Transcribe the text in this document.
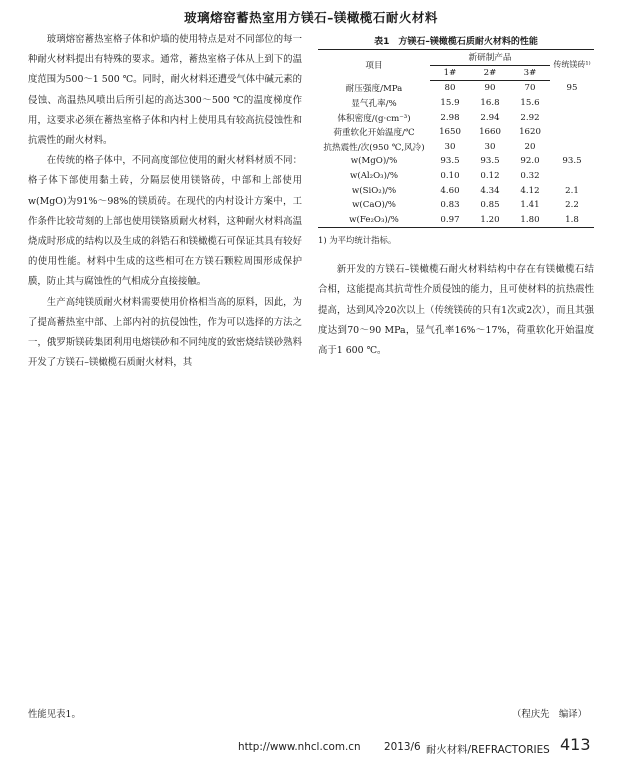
玻璃熔窑蓄热室用方镁石–镁橄榄石耐火材料

玻璃熔窑蓄热室格子体和炉墙的使用特点是对不同部位的每一种耐火材料提出有特殊的要求。通常，蓄热室格子体从上到下的温度范围为500～1 500 ℃。同时，耐火材料还遭受气体中碱元素的侵蚀、高温热风喷出后所引起的高达300～500 ℃的温度梯度作用，这要求必须在蓄热室格子体和内村上使用具有较高抗侵蚀性和抗震性的耐火材料。

在传统的格子体中，不同高度部位使用的耐火材料材质不同：格子体下部使用黏土砖，分隔层使用镁铬砖，中部和上部使用w(MgO)为91%～98%的镁质砖。在现代的内村设计方案中，工作条件比较苛刻的上部也使用镁铬质耐火材料，这种耐火材料高温烧成时形成的结构以及生成的斜锆石和镁橄榄石可保证其具有较好的使用性能。材料中生成的这些相可在方镁石颗粒周围形成保护膜，防止其与腐蚀性的气相成分直接接触。

生产高纯镁质耐火材料需要使用价格相当高的原料，因此，为了提高蓄热室中部、上部内衬的抗侵蚀性，作为可以选择的方法之一，俄罗斯镁砖集团利用电熔镁砂和不同纯度的致密烧结镁砂熟料开发了方镁石–镁橄榄石质耐火材料，其

表1　方镁石–镁橄榄石质耐火材料的性能
项目	新研制产品			传统镁砖¹⁾
	1#	2#	3#	
耐压强度/MPa	80	90	70	95
显气孔率/%	15.9	16.8	15.6	
体积密度/(g·cm⁻³)	2.98	2.94	2.92	
荷重软化开始温度/℃	1650	1660	1620	
抗热震性/次(950 ℃,风冷)	30	30	20	
w(MgO)/%	93.5	93.5	92.0	93.5
w(Al₂O₃)/%	0.10	0.12	0.32	
w(SiO₂)/%	4.60	4.34	4.12	2.1
w(CaO)/%	0.83	0.85	1.41	2.2
w(Fe₂O₃)/%	0.97	1.20	1.80	1.8
1) 为平均统计指标。

新开发的方镁石–镁橄榄石耐火材料结构中存在有镁橄榄石结合相，这能提高其抗苛性介质侵蚀的能力，且可使材料的抗热震性提高，达到风冷20次以上（传统镁砖的只有1次或2次），而且其强度达到70～90 MPa，显气孔率16%～17%，荷重软化开始温度高于1 600 ℃。

性能见表1。	（程庆先　编译）
http://www.nhcl.com.cn 2013/6 耐火材料/REFRACTORIES 413
